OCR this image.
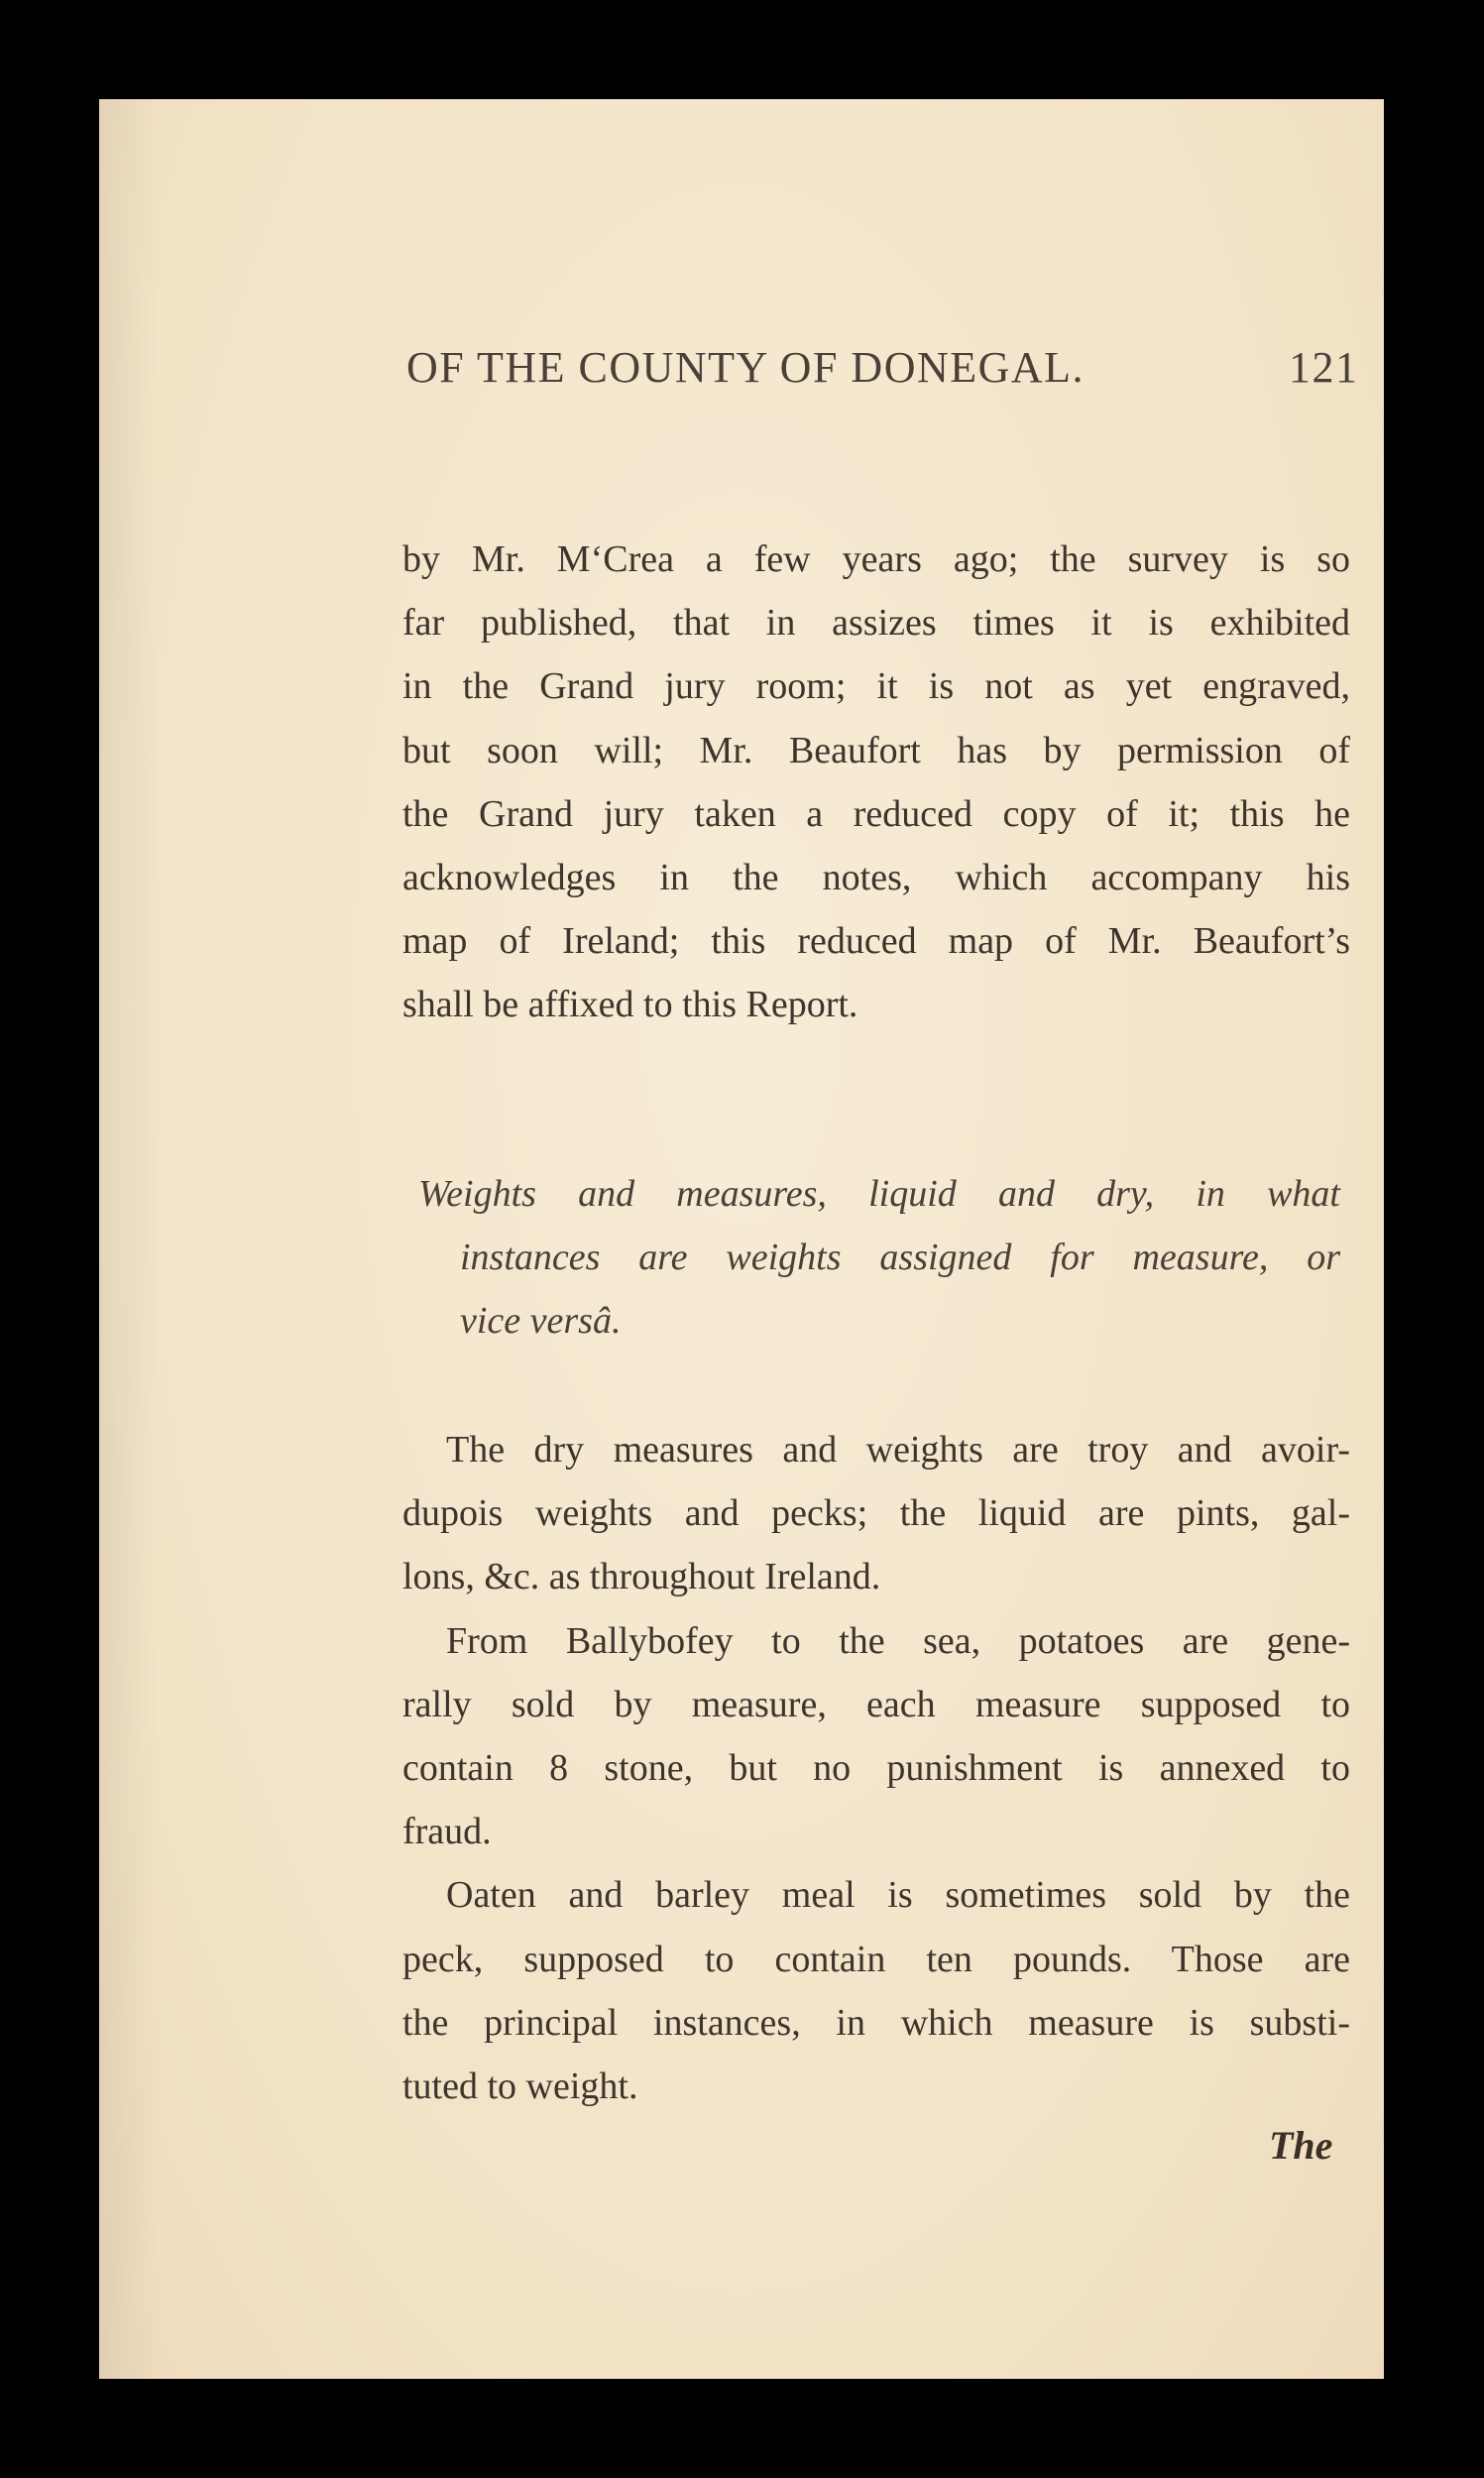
OF THE COUNTY OF DONEGAL.	121
by Mr. M‘Crea a few years ago; the survey is so
far published, that in assizes times it is exhibited
in the Grand jury room; it is not as yet engraved,
but soon will; Mr. Beaufort has by permission of
the Grand jury taken a reduced copy of it; this he
acknowledges in the notes, which accompany his
map of Ireland; this reduced map of Mr. Beaufort’s
shall be affixed to this Report.
Weights and measures, liquid and dry, in what
instances are weights assigned for measure, or
vice versâ.
The dry measures and weights are troy and avoir-
dupois weights and pecks; the liquid are pints, gal-
lons, &c. as throughout Ireland.
From Ballybofey to the sea, potatoes are gene-
rally sold by measure, each measure supposed to
contain 8 stone, but no punishment is annexed to
fraud.
Oaten and barley meal is sometimes sold by the
peck, supposed to contain ten pounds. Those are
the principal instances, in which measure is substi-
tuted to weight.
The
